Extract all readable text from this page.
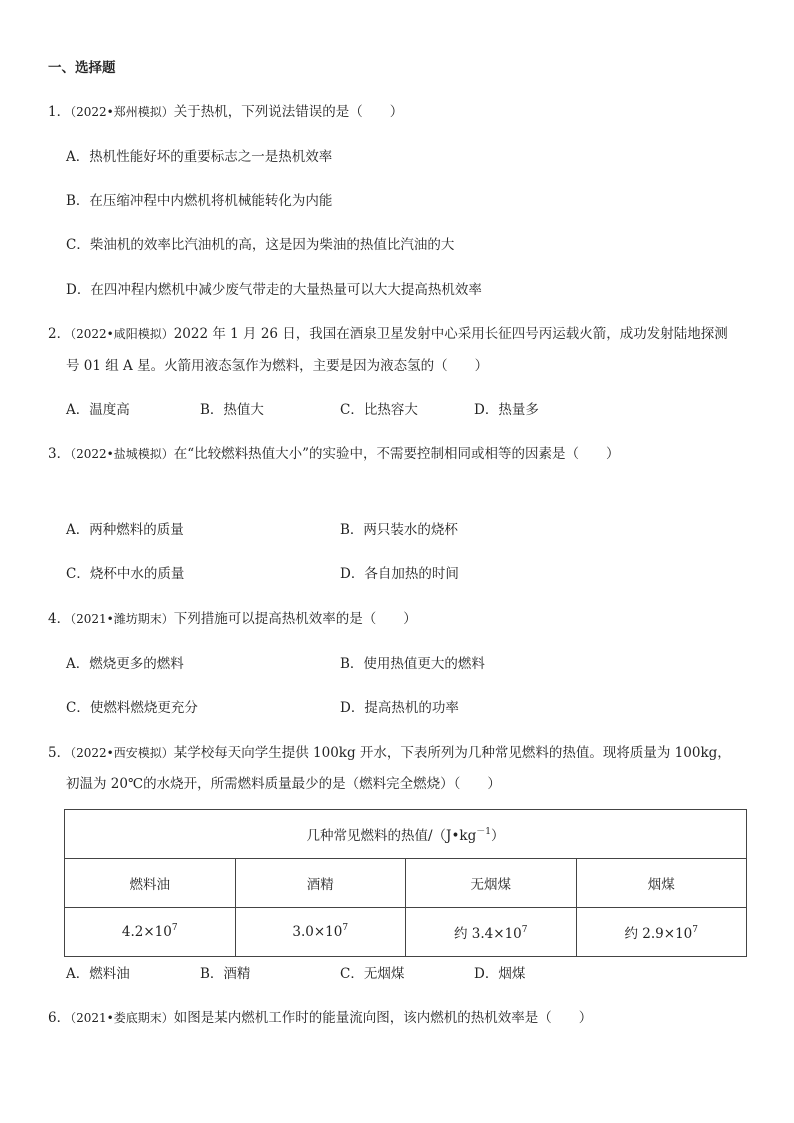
一、选择题
1．（2022•郑州模拟）关于热机，下列说法错误的是（　　）
A．热机性能好坏的重要标志之一是热机效率
B．在压缩冲程中内燃机将机械能转化为内能
C．柴油机的效率比汽油机的高，这是因为柴油的热值比汽油的大
D．在四冲程内燃机中减少废气带走的大量热量可以大大提高热机效率
2．（2022•咸阳模拟）2022 年 1 月 26 日，我国在酒泉卫星发射中心采用长征四号丙运载火箭，成功发射陆地探测
号 01 组 A 星。火箭用液态氢作为燃料，主要是因为液态氢的（　　）
A．温度高	B．热值大	C．比热容大	D．热量多
3．（2022•盐城模拟）在“比较燃料热值大小”的实验中，不需要控制相同或相等的因素是（　　）
A．两种燃料的质量	B．两只装水的烧杯
C．烧杯中水的质量	D．各自加热的时间
4．（2021•潍坊期末）下列措施可以提高热机效率的是（　　）
A．燃烧更多的燃料	B．使用热值更大的燃料
C．使燃料燃烧更充分	D．提高热机的功率
5．（2022•西安模拟）某学校每天向学生提供 100kg 开水，下表所列为几种常见燃料的热值。现将质量为 100kg，
初温为 20℃的水烧开，所需燃料质量最少的是（燃料完全燃烧）（　　）
几种常见燃料的热值$/(J•kg^{-1})$			
燃料油	酒精	无烟煤	烟煤
$4.2\times 10^7$	$3.0\times 10^7$	约 $3.4\times 10^7$	约 $2.9\times 10^7$
A．燃料油	B．酒精	C．无烟煤	D．烟煤
6．（2021•娄底期末）如图是某内燃机工作时的能量流向图，该内燃机的热机效率是（　　）
